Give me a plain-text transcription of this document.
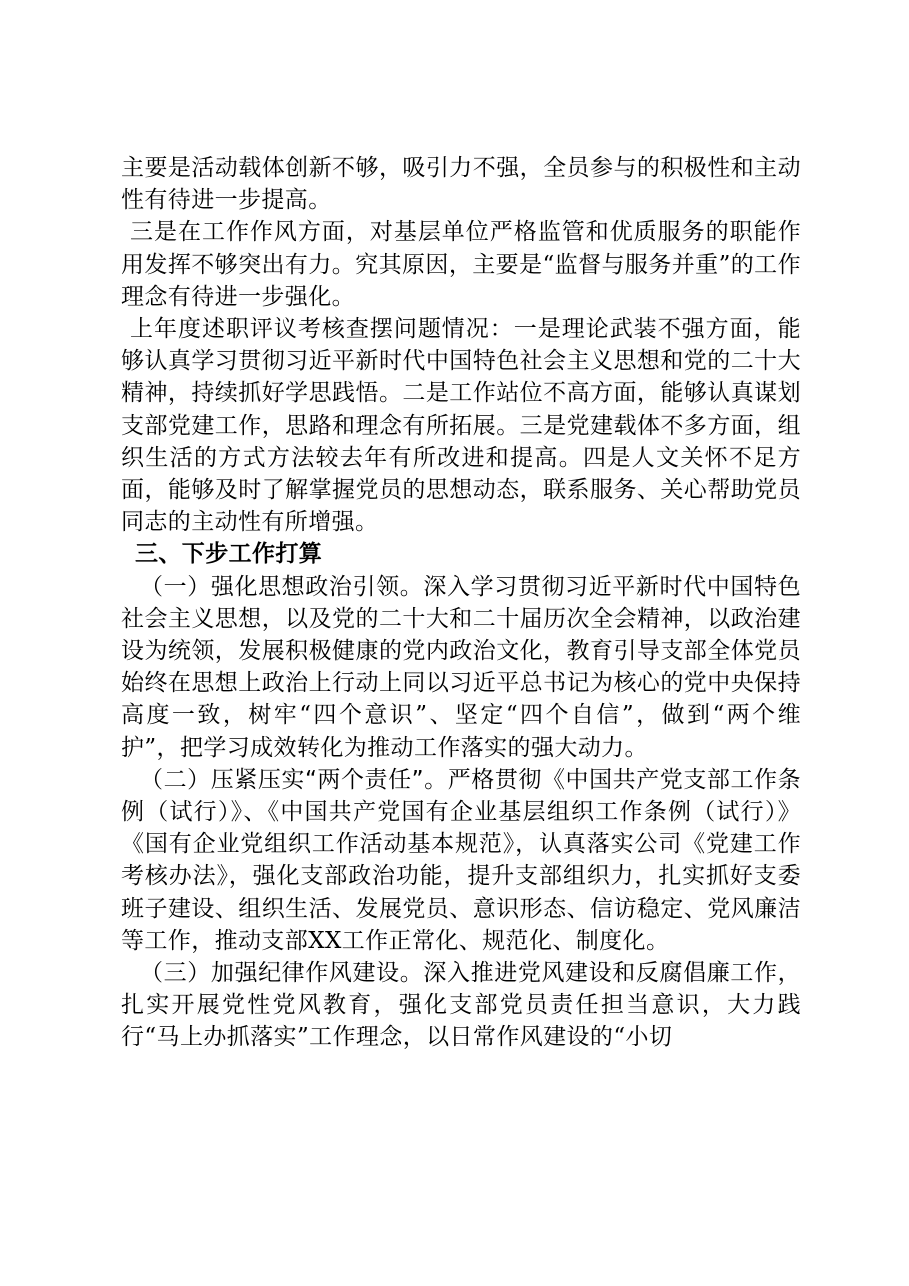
主要是活动载体创新不够，吸引力不强，全员参与的积极性和主动性有待进一步提高。

三是在工作作风方面，对基层单位严格监管和优质服务的职能作用发挥不够突出有力。究其原因，主要是“监督与服务并重”的工作理念有待进一步强化。

上年度述职评议考核查摆问题情况：一是理论武装不强方面，能够认真学习贯彻习近平新时代中国特色社会主义思想和党的二十大精神，持续抓好学思践悟。二是工作站位不高方面，能够认真谋划支部党建工作，思路和理念有所拓展。三是党建载体不多方面，组织生活的方式方法较去年有所改进和提高。四是人文关怀不足方面，能够及时了解掌握党员的思想动态，联系服务、关心帮助党员同志的主动性有所增强。

三、下步工作打算

（一）强化思想政治引领。深入学习贯彻习近平新时代中国特色社会主义思想，以及党的二十大和二十届历次全会精神，以政治建设为统领，发展积极健康的党内政治文化，教育引导支部全体党员始终在思想上政治上行动上同以习近平总书记为核心的党中央保持高度一致，树牢“四个意识”、坚定“四个自信”，做到“两个维护”，把学习成效转化为推动工作落实的强大动力。

（二）压紧压实“两个责任”。严格贯彻《中国共产党支部工作条例（试行）》、《中国共产党国有企业基层组织工作条例（试行）》《国有企业党组织工作活动基本规范》，认真落实公司《党建工作考核办法》，强化支部政治功能，提升支部组织力，扎实抓好支委班子建设、组织生活、发展党员、意识形态、信访稳定、党风廉洁等工作，推动支部XX工作正常化、规范化、制度化。

（三）加强纪律作风建设。深入推进党风建设和反腐倡廉工作，扎实开展党性党风教育，强化支部党员责任担当意识，大力践行“马上办抓落实”工作理念，以日常作风建设的“小切
